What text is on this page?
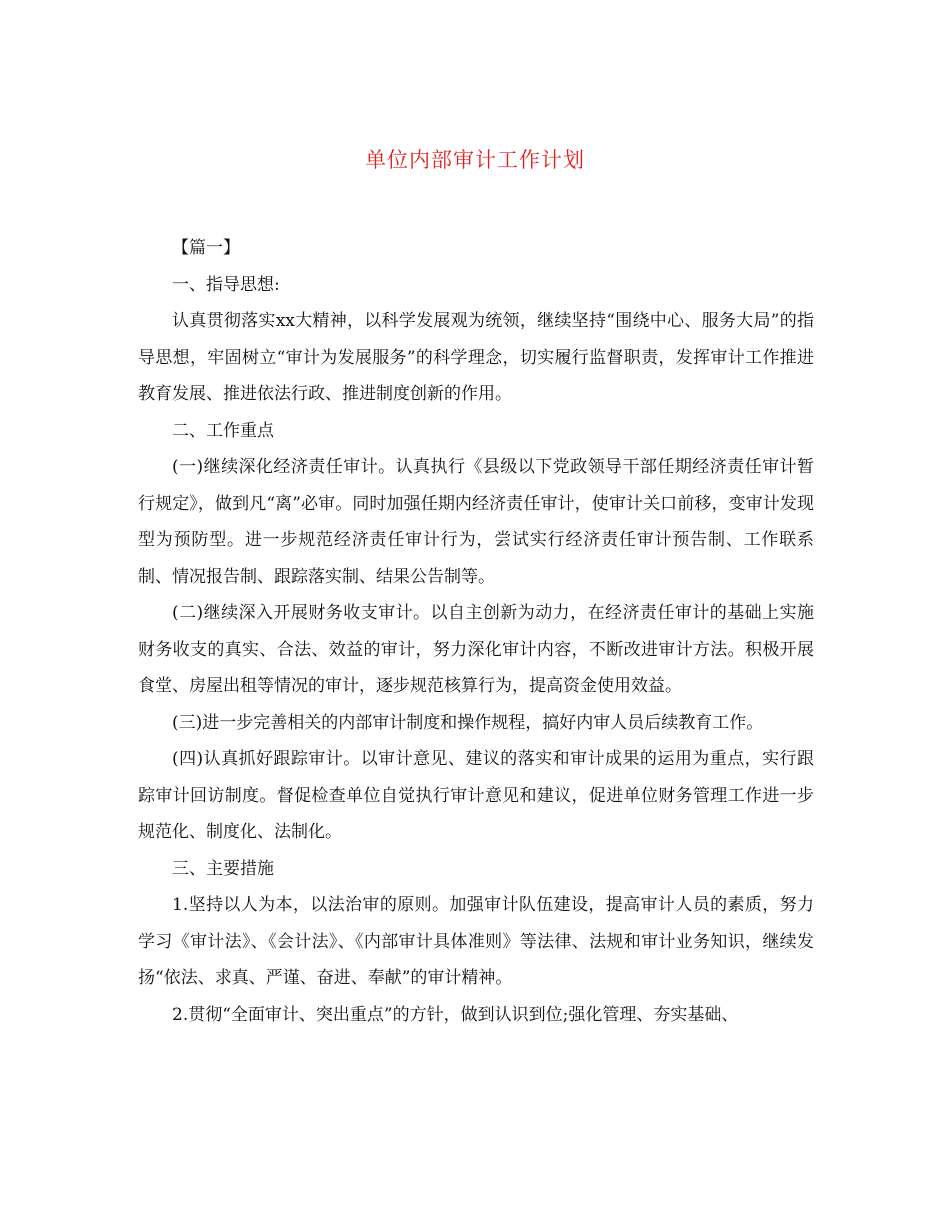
单位内部审计工作计划

【篇一】

一、指导思想:

认真贯彻落实xx大精神，以科学发展观为统领，继续坚持“围绕中心、服务大局”的指导思想，牢固树立“审计为发展服务”的科学理念，切实履行监督职责，发挥审计工作推进教育发展、推进依法行政、推进制度创新的作用。

二、工作重点

(一)继续深化经济责任审计。认真执行《县级以下党政领导干部任期经济责任审计暂行规定》，做到凡“离”必审。同时加强任期内经济责任审计，使审计关口前移，变审计发现型为预防型。进一步规范经济责任审计行为，尝试实行经济责任审计预告制、工作联系制、情况报告制、跟踪落实制、结果公告制等。

(二)继续深入开展财务收支审计。以自主创新为动力，在经济责任审计的基础上实施财务收支的真实、合法、效益的审计，努力深化审计内容，不断改进审计方法。积极开展食堂、房屋出租等情况的审计，逐步规范核算行为，提高资金使用效益。

(三)进一步完善相关的内部审计制度和操作规程，搞好内审人员后续教育工作。

(四)认真抓好跟踪审计。以审计意见、建议的落实和审计成果的运用为重点，实行跟踪审计回访制度。督促检查单位自觉执行审计意见和建议，促进单位财务管理工作进一步规范化、制度化、法制化。

三、主要措施

1.坚持以人为本，以法治审的原则。加强审计队伍建设，提高审计人员的素质，努力学习《审计法》、《会计法》、《内部审计具体准则》等法律、法规和审计业务知识，继续发扬“依法、求真、严谨、奋进、奉献”的审计精神。

2.贯彻“全面审计、突出重点”的方针，做到认识到位;强化管理、夯实基础、
